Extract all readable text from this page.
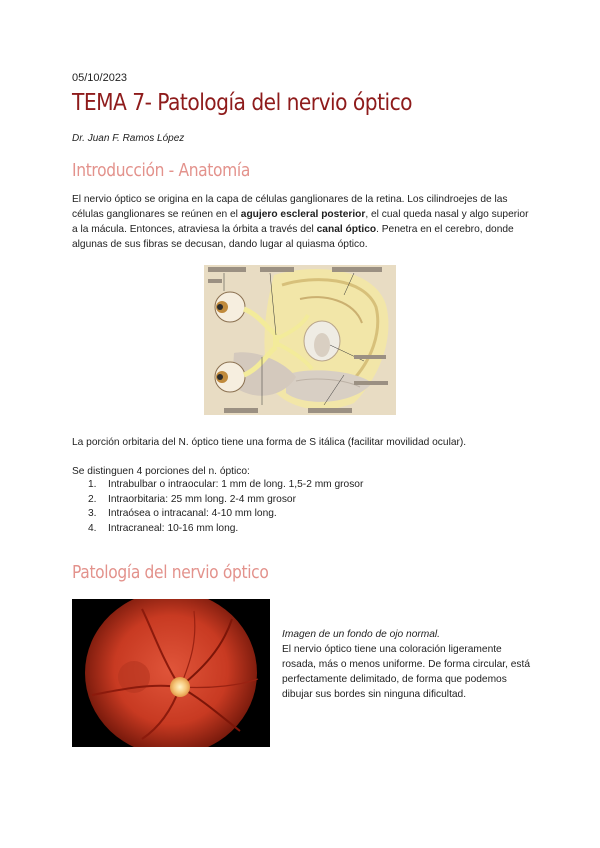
05/10/2023
TEMA 7- Patología del nervio óptico
Dr. Juan F. Ramos López
Introducción - Anatomía

El nervio óptico se origina en la capa de células ganglionares de la retina. Los cilindroejes de las células ganglionares se reúnen en el agujero escleral posterior, el cual queda nasal y algo superior a la mácula. Entonces, atraviesa la órbita a través del canal óptico. Penetra en el cerebro, donde algunas de sus fibras se decusan, dando lugar al quiasma óptico.

La porción orbitaria del N. óptico tiene una forma de S itálica (facilitar movilidad ocular).

Se distinguen 4 porciones del n. óptico:

1. Intrabulbar o intraocular: 1 mm de long. 1,5-2 mm grosor
2. Intraorbitaria: 25 mm long. 2-4 mm grosor
3. Intraósea o intracanal: 4-10 mm long.
4. Intracraneal: 10-16 mm long.
Patología del nervio óptico

Imagen de un fondo de ojo normal.
El nervio óptico tiene una coloración ligeramente rosada, más o menos uniforme. De forma circular, está perfectamente delimitado, de forma que podemos dibujar sus bordes sin ninguna dificultad.
